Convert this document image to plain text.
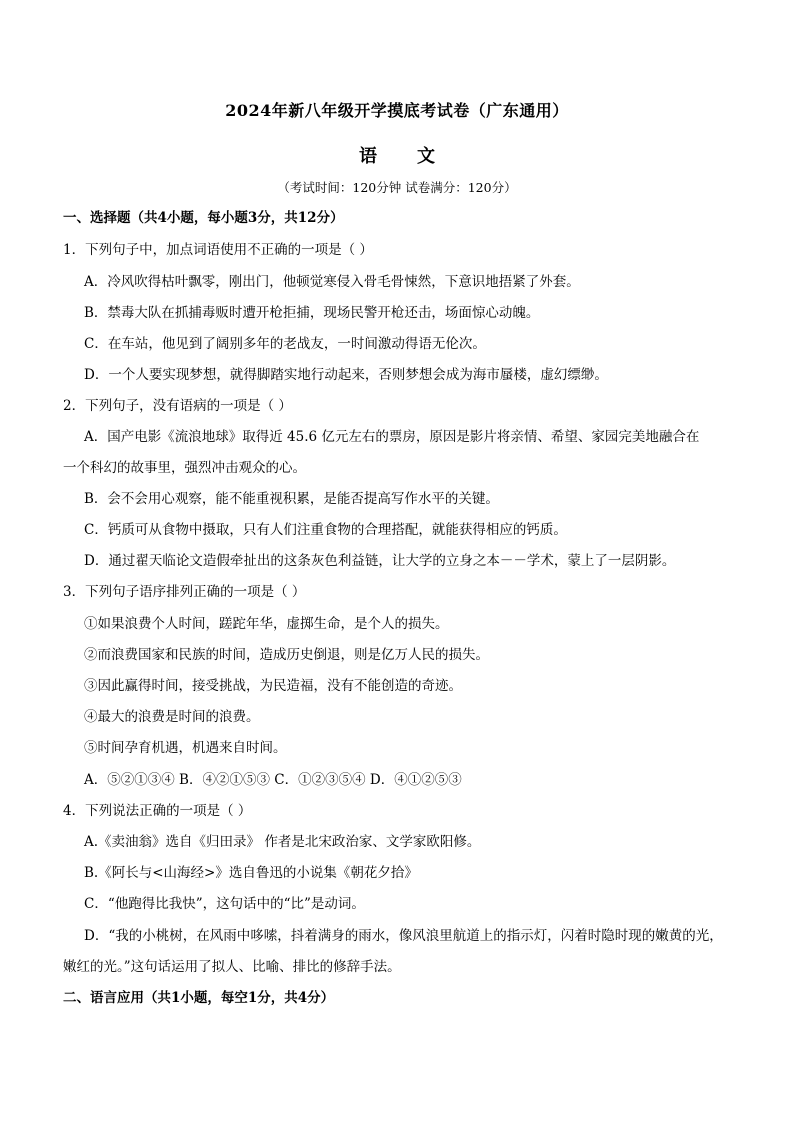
2024年新八年级开学摸底考试卷（广东通用）
语文
（考试时间：120分钟 试卷满分：120分）
一、选择题（共4小题，每小题3分，共12分）
1．下列句子中，加点词语使用不正确的一项是（ ）
A．冷风吹得枯叶飘零，刚出门，他顿觉寒侵入骨毛骨悚然，下意识地捂紧了外套。
B．禁毒大队在抓捕毒贩时遭开枪拒捕，现场民警开枪还击，场面惊心动魄。
C．在车站，他见到了阔别多年的老战友，一时间激动得语无伦次。
D．一个人要实现梦想，就得脚踏实地行动起来，否则梦想会成为海市蜃楼，虚幻缥缈。
2．下列句子，没有语病的一项是（ ）
A．国产电影《流浪地球》取得近 45.6 亿元左右的票房，原因是影片将亲情、希望、家园完美地融合在
一个科幻的故事里，强烈冲击观众的心。
B．会不会用心观察，能不能重视积累，是能否提高写作水平的关键。
C．钙质可从食物中摄取，只有人们注重食物的合理搭配，就能获得相应的钙质。
D．通过翟天临论文造假牵扯出的这条灰色利益链，让大学的立身之本－－学术，蒙上了一层阴影。
3．下列句子语序排列正确的一项是（ ）
①如果浪费个人时间，蹉跎年华，虚掷生命，是个人的损失。
②而浪费国家和民族的时间，造成历史倒退，则是亿万人民的损失。
③因此赢得时间，接受挑战，为民造福，没有不能创造的奇迹。
④最大的浪费是时间的浪费。
⑤时间孕育机遇，机遇来自时间。
A．⑤②①③④ B．④②①⑤③ C．①②③⑤④ D．④①②⑤③
4．下列说法正确的一项是（ ）
A.《卖油翁》选自《归田录》 作者是北宋政治家、文学家欧阳修。
B.《阿长与<山海经>》选自鲁迅的小说集《朝花夕拾》
C．“他跑得比我快”，这句话中的“比”是动词。
D．“我的小桃树，在风雨中哆嗦，抖着满身的雨水，像风浪里航道上的指示灯，闪着时隐时现的嫩黄的光，
嫩红的光。”这句话运用了拟人、比喻、排比的修辞手法。
二、语言应用（共1小题，每空1分，共4分）
